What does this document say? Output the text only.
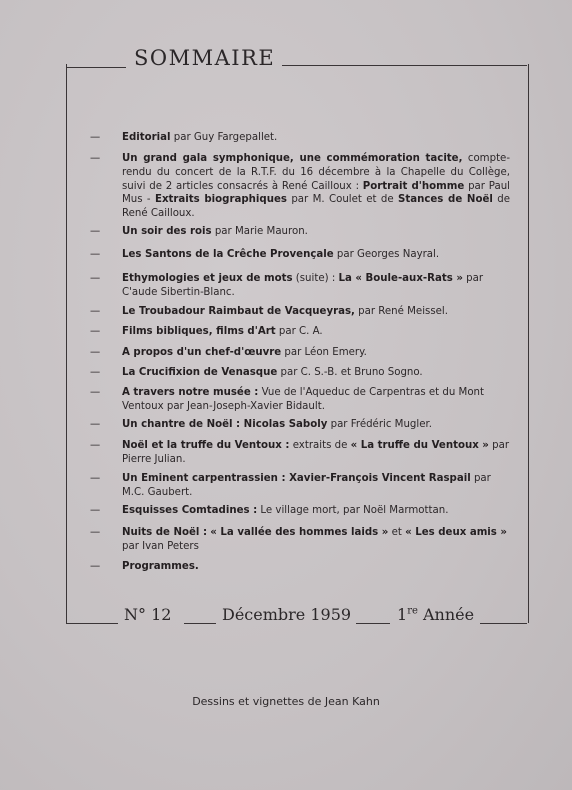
SOMMAIRE
N° 12	Décembre 1959	1re Année
—	Editorial par Guy Fargepallet.
—	Un grand gala symphonique, une commémoration tacite, compte-rendu du concert de la R.T.F. du 16 décembre à la Chapelle du Collège, suivi de 2 articles consacrés à René Cailloux : Portrait d'homme par Paul Mus - Extraits biographiques par M. Coulet et de Stances de Noël de René Cailloux.
—	Un soir des rois par Marie Mauron.
—	Les Santons de la Crêche Provençale par Georges Nayral.
—	Ethymologies et jeux de mots (suite) : La « Boule-aux-Rats » par C'aude Sibertin-Blanc.
—	Le Troubadour Raimbaut de Vacqueyras, par René Meissel.
—	Films bibliques, films d'Art par C. A.
—	A propos d'un chef-d'œuvre par Léon Emery.
—	La Crucifixion de Venasque par C. S.-B. et Bruno Sogno.
—	A travers notre musée : Vue de l'Aqueduc de Carpentras et du Mont Ventoux par Jean-Joseph-Xavier Bidault.
—	Un chantre de Noël : Nicolas Saboly par Frédéric Mugler.
—	Noël et la truffe du Ventoux : extraits de « La truffe du Ventoux » par Pierre Julian.
—	Un Eminent carpentrassien : Xavier-François Vincent Raspail par M.C. Gaubert.
—	Esquisses Comtadines : Le village mort, par Noël Marmottan.
—	Nuits de Noël : « La vallée des hommes laids » et « Les deux amis » par Ivan Peters
—	Programmes.
Dessins et vignettes de Jean Kahn
